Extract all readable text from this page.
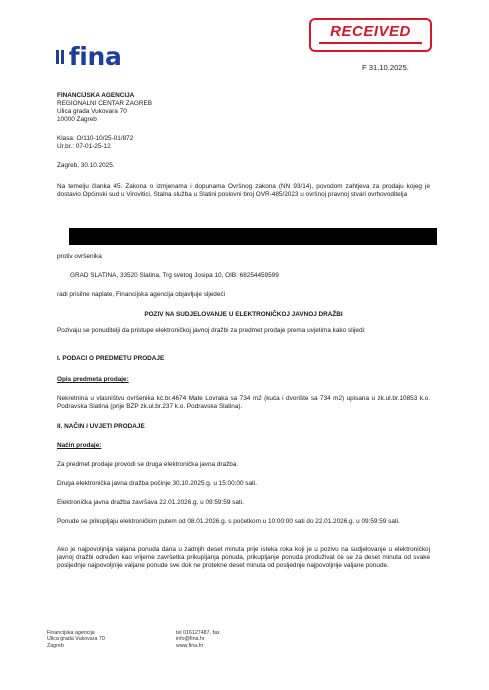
fina
RECEIVED
F 31.10.2025.
FINANCIJSKA AGENCIJA
REGIONALNI CENTAR ZAGREB
Ulica grada Vukovara 70
10000 Zagreb
Klasa: O/110-10/25-01/872
Ur.br.: 07-01-25-12
Zagreb, 30.10.2025.
Na temelju članka 45. Zakona o izmjenama i dopunama Ovršnog zakona (NN 93/14), povodom zahtjeva za prodaju kojeg je dostavio Općinski sud u Virovitici, Stalna služba u Slatini poslovni broj OVR-485/2023 u ovršnoj pravnoj stvari ovrhovoditelja
protiv ovršenika
GRAD SLATINA, 33520 Slatina, Trg svetog Josipa 10, OIB: 68254459599
radi prisilne naplate, Financijska agencija objavljuje sljedeći
POZIV NA SUDJELOVANJE U ELEKTRONIČKOJ JAVNOJ DRAŽBI
Pozivaju se ponuditelji da pristupe elektroničkoj javnoj dražbi za predmet prodaje prema uvjetima kako slijedi:
I. PODACI O PREDMETU PRODAJE
Opis predmeta prodaje:
Nekretnina u vlasništvu ovršenika kč.br.4674 Mate Lovraka sa 734 m2 (kuća i dvorište sa 734 m2) upisana u zk.ul.br.10853 k.o. Podravska Slatina (prije BZP zk.ul.br.237 k.o. Podravska Slatina).
II. NAČIN I UVJETI PRODAJE
Način prodaje:
Za predmet prodaje provodi se druga elektronička javna dražba.
Druga elektronička javna dražba počinje 30.10.2025.g. u 15:00:00 sati.
Elektronička javna dražba završava 22.01.2026.g. u 09:59:59 sati.
Ponude se prikupljaju elektroničkim putem od 08.01.2026.g. s početkom u 10:00:00 sati do 22.01.2026.g. u 09:59:59 sati.
Ako je najpovoljnija valjana ponuda dana u zadnjih deset minuta prije isteka roka koji je u pozivu na sudjelovanje u elektroničkoj javnoj dražbi određen kao vrijeme završetka prikupljanja ponuda, prikupljanje ponuda produživat će se za deset minuta od svake posljednje najpovoljnije valjane ponude sve dok ne protekne deset minuta od posljednje najpovoljnije valjane ponude.
Financijska agencija
Ulica grada Vukovara 70
Zagreb
tel 016127487, fax
info@fina.hr
www.fina.hr
